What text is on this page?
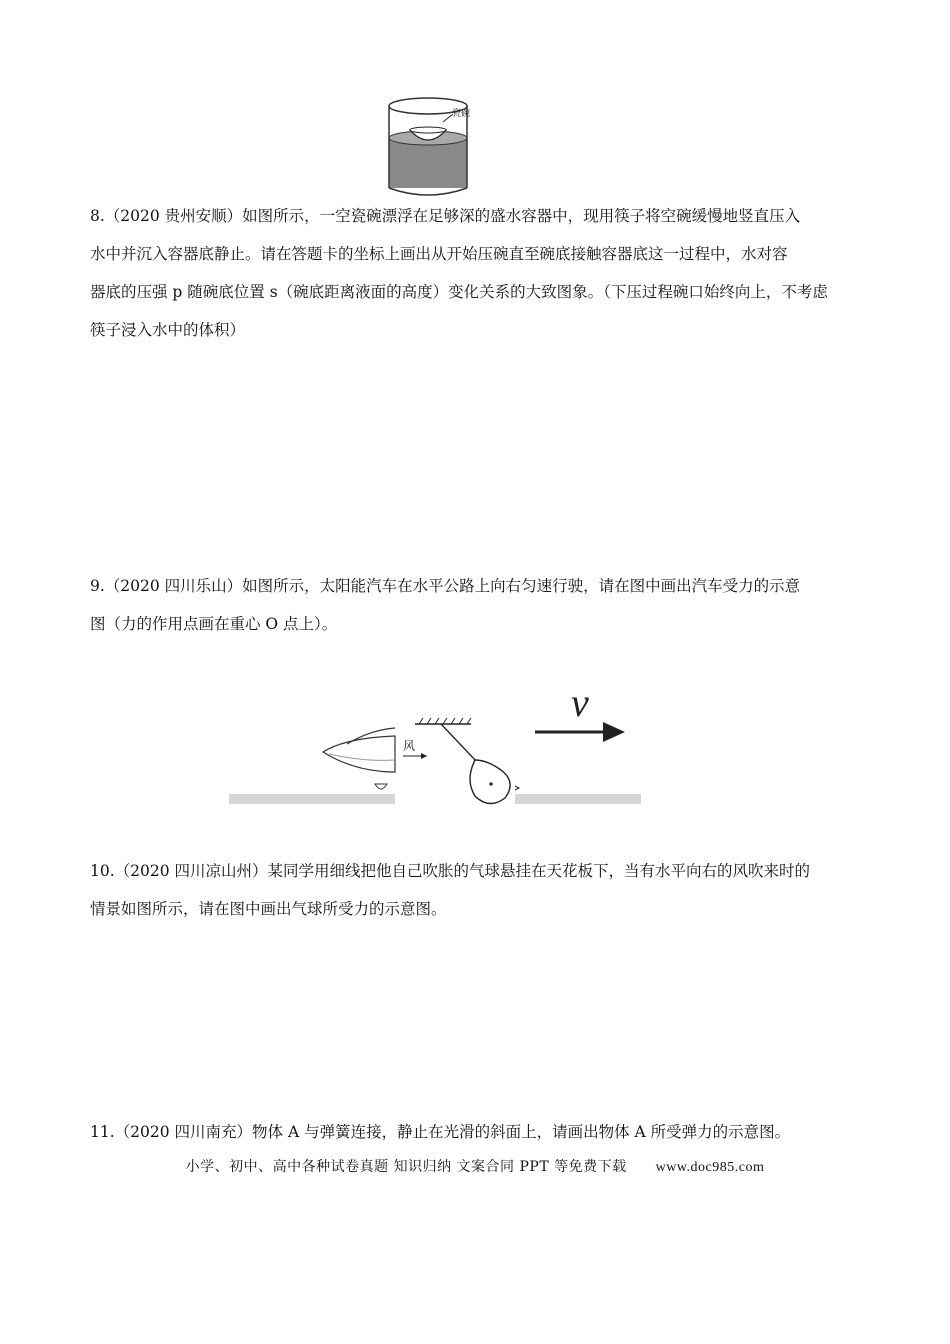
瓷碗
8.（2020 贵州安顺）如图所示，一空瓷碗漂浮在足够深的盛水容器中，现用筷子将空碗缓慢地竖直压入
水中并沉入容器底静止。请在答题卡的坐标上画出从开始压碗直至碗底接触容器底这一过程中，水对容
器底的压强 p 随碗底位置 s（碗底距离液面的高度）变化关系的大致图象。（下压过程碗口始终向上，不考虑
筷子浸入水中的体积）
9.（2020 四川乐山）如图所示，太阳能汽车在水平公路上向右匀速行驶，请在图中画出汽车受力的示意
图（力的作用点画在重心 O 点上）。
风
v
10.（2020 四川凉山州）某同学用细线把他自己吹胀的气球悬挂在天花板下，当有水平向右的风吹来时的
情景如图所示，请在图中画出气球所受力的示意图。
11.（2020 四川南充）物体 A 与弹簧连接，静止在光滑的斜面上，请画出物体 A 所受弹力的示意图。
小学、初中、高中各种试卷真题 知识归纳 文案合同 PPT 等免费下载 www.doc985.com
